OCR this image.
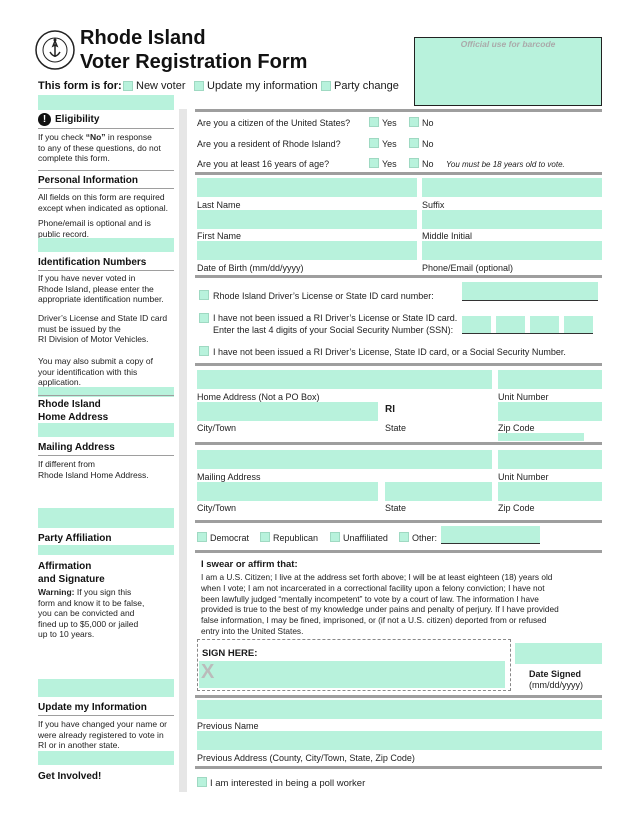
Rhode Island
Voter Registration Form
Official use for barcode
This form is for: New voter Update my information Party change
! Eligibility
If you check “No” in response
to any of these questions, do not
complete this form.
Personal Information
All fields on this form are required
except when indicated as optional.
Phone/email is optional and is
public record.
Identification Numbers
If you have never voted in
Rhode Island, please enter the
appropriate identification number.
Driver’s License and State ID card
must be issued by the
RI Division of Motor Vehicles.
You may also submit a copy of
your identification with this
application.
Rhode Island
Home Address
Mailing Address
If different from
Rhode Island Home Address.
Party Affiliation
Affirmation
and Signature
Warning: If you sign this
form and know it to be false,
you can be convicted and
fined up to $5,000 or jailed
up to 10 years.
Update my Information
If you have changed your name or
were already registered to vote in
RI or in another state.
Get Involved!
Are you a citizen of the United States?	Yes	No
Are you a resident of Rhode Island?	Yes	No
Are you at least 16 years of age?	Yes	No You must be 18 years old to vote.
Last Name	Suffix
First Name	Middle Initial
Date of Birth (mm/dd/yyyy)	Phone/Email (optional)
Rhode Island Driver’s License or State ID card number:
I have not been issued a RI Driver’s License or State ID card.
Enter the last 4 digits of your Social Security Number (SSN):
I have not been issued a RI Driver’s License, State ID card, or a Social Security Number.
Home Address (Not a PO Box)	Unit Number
RI
City/Town	State	Zip Code
Mailing Address	Unit Number
City/Town	State	Zip Code
Democrat	Republican	Unaffiliated	Other:
I swear or affirm that:
I am a U.S. Citizen; I live at the address set forth above; I will be at least eighteen (18) years old
when I vote; I am not incarcerated in a correctional facility upon a felony conviction; I have not
been lawfully judged “mentally incompetent” to vote by a court of law. The information I have
provided is true to the best of my knowledge under pains and penalty of perjury. If I have provided
false information, I may be fined, imprisoned, or (if not a U.S. citizen) deported from or refused
entry into the United States.
SIGN HERE:
X	Date Signed
(mm/dd/yyyy)
Previous Name
Previous Address (County, City/Town, State, Zip Code)
I am interested in being a poll worker
